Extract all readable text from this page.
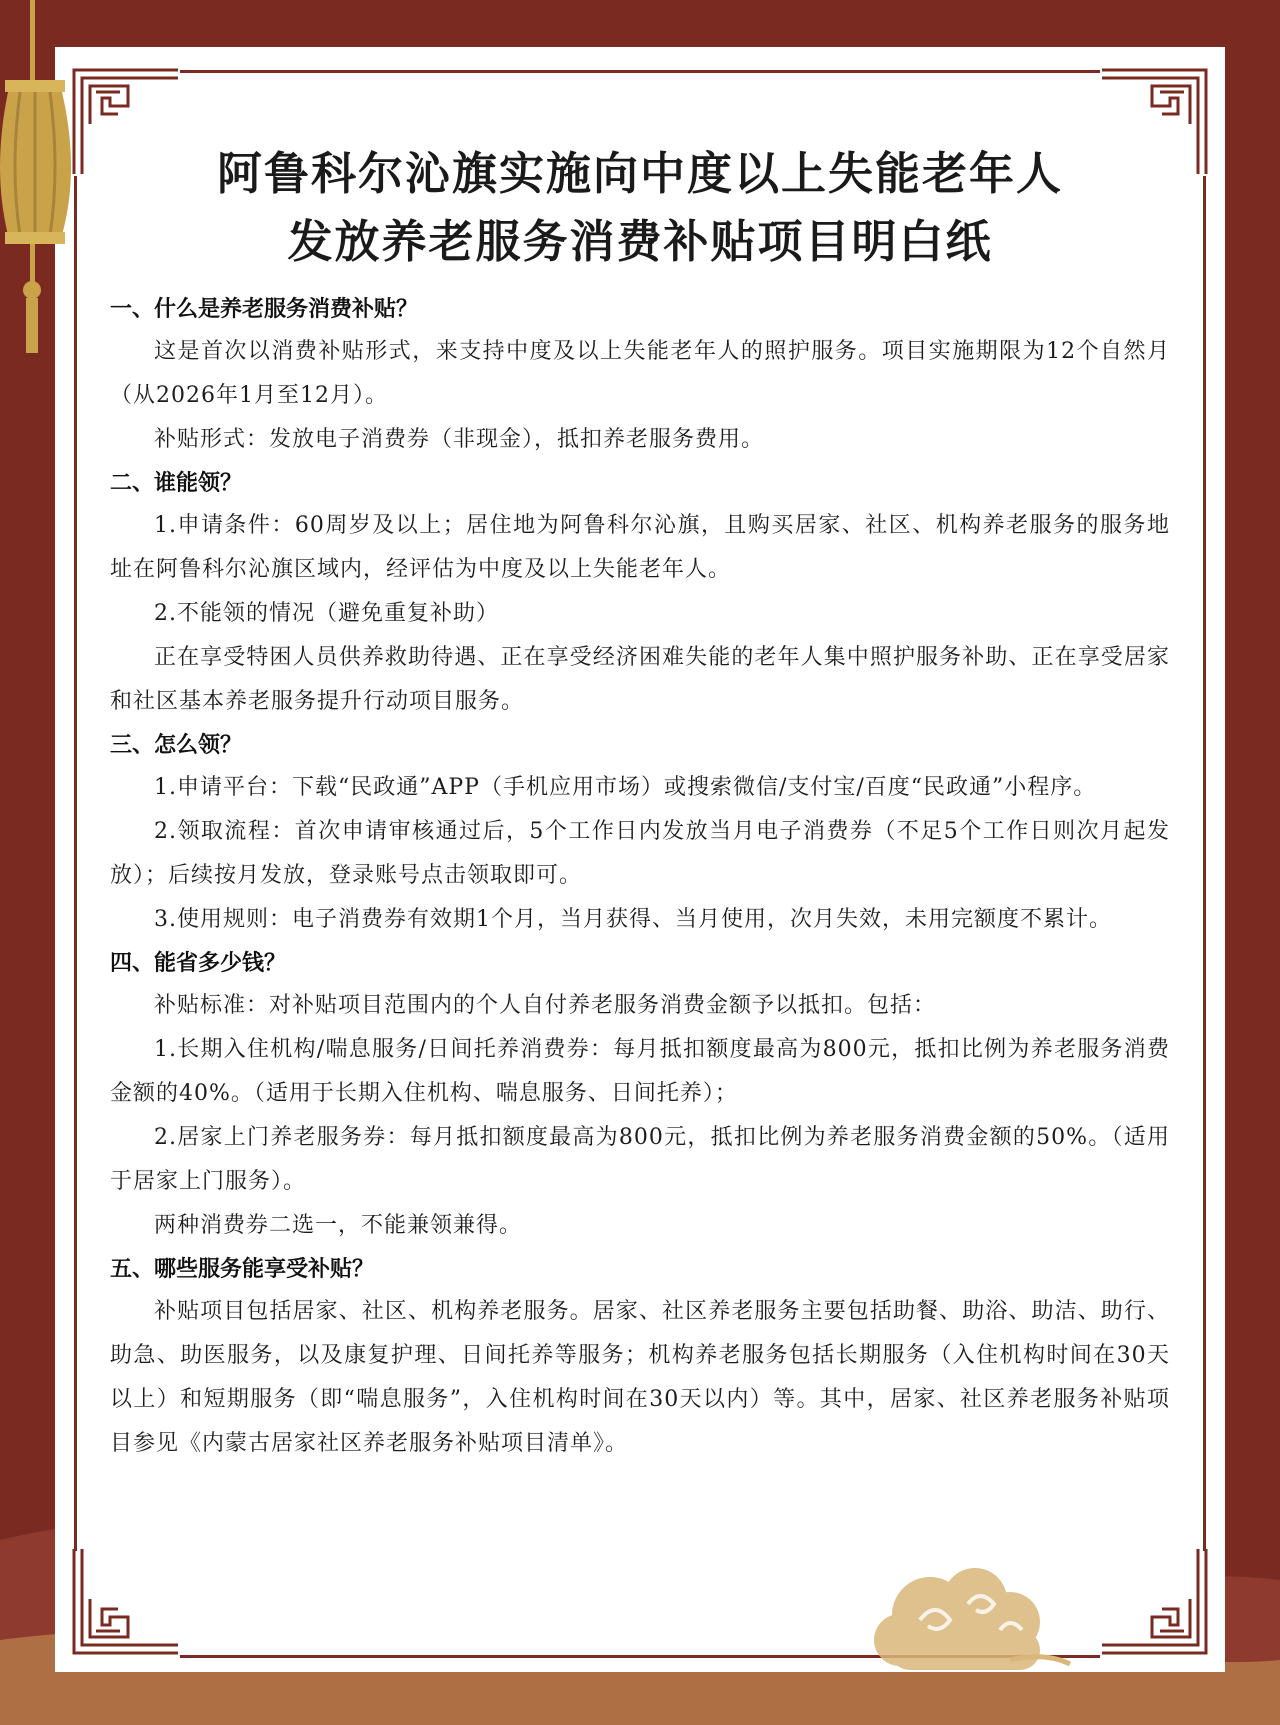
阿鲁科尔沁旗实施向中度以上失能老年人
发放养老服务消费补贴项目明白纸
一、什么是养老服务消费补贴？

这是首次以消费补贴形式，来支持中度及以上失能老年人的照护服务。项目实施期限为12个自然月（从2026年1月至12月）。

补贴形式：发放电子消费券（非现金），抵扣养老服务费用。

二、谁能领？

1.申请条件：60周岁及以上；居住地为阿鲁科尔沁旗，且购买居家、社区、机构养老服务的服务地址在阿鲁科尔沁旗区域内，经评估为中度及以上失能老年人。

2.不能领的情况（避免重复补助）

正在享受特困人员供养救助待遇、正在享受经济困难失能的老年人集中照护服务补助、正在享受居家和社区基本养老服务提升行动项目服务。

三、怎么领？

1.申请平台：下载“民政通”APP（手机应用市场）或搜索微信/支付宝/百度“民政通”小程序。

2.领取流程：首次申请审核通过后，5个工作日内发放当月电子消费券（不足5个工作日则次月起发放）；后续按月发放，登录账号点击领取即可。

3.使用规则：电子消费券有效期1个月，当月获得、当月使用，次月失效，未用完额度不累计。

四、能省多少钱？

补贴标准：对补贴项目范围内的个人自付养老服务消费金额予以抵扣。包括：

1.长期入住机构/喘息服务/日间托养消费券：每月抵扣额度最高为800元，抵扣比例为养老服务消费金额的40%。（适用于长期入住机构、喘息服务、日间托养）；

2.居家上门养老服务券：每月抵扣额度最高为800元，抵扣比例为养老服务消费金额的50%。（适用于居家上门服务）。

两种消费券二选一，不能兼领兼得。

五、哪些服务能享受补贴？

补贴项目包括居家、社区、机构养老服务。居家、社区养老服务主要包括助餐、助浴、助洁、助行、助急、助医服务，以及康复护理、日间托养等服务；机构养老服务包括长期服务（入住机构时间在30天以上）和短期服务（即“喘息服务”，入住机构时间在30天以内）等。其中，居家、社区养老服务补贴项目参见《内蒙古居家社区养老服务补贴项目清单》。
